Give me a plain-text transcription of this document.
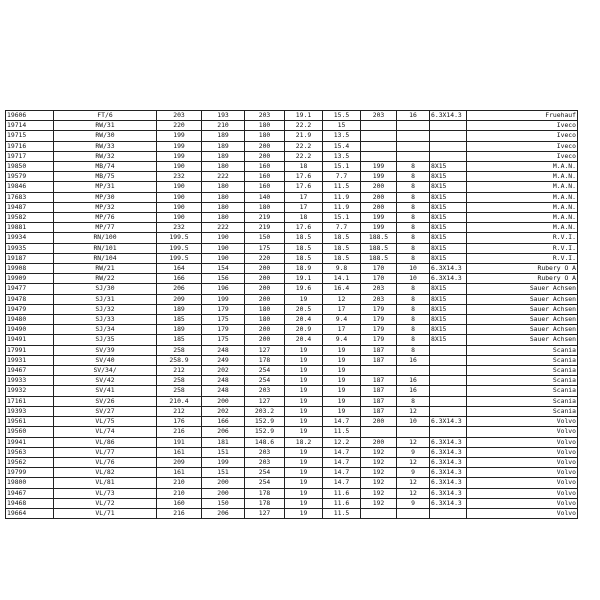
19606	FT/6	203	193	203	19.1	15.5	203	16	6.3X14.3	Fruehauf
19714	RW/31	220	210	180	22.2	15				Iveco
19715	RW/30	199	189	180	21.9	13.5				Iveco
19716	RW/33	199	189	200	22.2	15.4				Iveco
19717	RW/32	199	189	200	22.2	13.5				Iveco
19850	MB/74	190	180	160	18	15.1	199	8	8X15	M.A.N.
19579	MB/75	232	222	160	17.6	7.7	199	8	8X15	M.A.N.
19846	MP/31	190	180	160	17.6	11.5	200	8	8X15	M.A.N.
17683	MP/30	190	180	140	17	11.9	200	8	8X15	M.A.N.
19487	MP/32	190	180	180	17	11.9	200	8	8X15	M.A.N.
19582	MP/76	190	180	219	18	15.1	199	8	8X15	M.A.N.
19881	MP/77	232	222	219	17.6	7.7	199	8	8X15	M.A.N.
19934	RN/100	199.5	190	150	18.5	18.5	188.5	8	8X15	R.V.I.
19935	RN/101	199.5	190	175	18.5	18.5	188.5	8	8X15	R.V.I.
19187	RN/104	199.5	190	220	18.5	18.5	188.5	8	8X15	R.V.I.
19908	RW/21	164	154	200	18.9	9.8	170	10	6.3X14.3	Rubery O A
19909	RW/22	166	156	200	19.1	14.1	170	10	6.3X14.3	Rubery O A
19477	SJ/30	206	196	200	19.6	16.4	203	8	8X15	Sauer Achsen
19478	SJ/31	209	199	200	19	12	203	8	8X15	Sauer Achsen
19479	SJ/32	189	179	180	20.5	17	179	8	8X15	Sauer Achsen
19480	SJ/33	185	175	180	20.4	9.4	179	8	8X15	Sauer Achsen
19490	SJ/34	189	179	200	20.9	17	179	8	8X15	Sauer Achsen
19491	SJ/35	185	175	200	20.4	9.4	179	8	8X15	Sauer Achsen
17991	SV/39	258	248	127	19	19	187	8		Scania
19931	SV/40	258.9	249	178	19	19	187	16		Scania
19467	SV/34/	212	202	254	19	19				Scania
19933	SV/42	258	248	254	19	19	187	16		Scania
19932	SV/41	258	248	203	19	19	187	16		Scania
17161	SV/26	210.4	200	127	19	19	187	8		Scania
19393	SV/27	212	202	203.2	19	19	187	12		Scania
19561	VL/75	176	166	152.9	19	14.7	200	10	6.3X14.3	Volvo
19560	VL/74	216	206	152.9	19	11.5				Volvo
19941	VL/86	191	181	148.6	18.2	12.2	200	12	6.3X14.3	Volvo
19563	VL/77	161	151	203	19	14.7	192	9	6.3X14.3	Volvo
19562	VL/76	209	199	203	19	14.7	192	12	6.3X14.3	Volvo
19799	VL/82	161	151	254	19	14.7	192	9	6.3X14.3	Volvo
19800	VL/81	210	200	254	19	14.7	192	12	6.3X14.3	Volvo
19467	VL/73	210	200	178	19	11.6	192	12	6.3X14.3	Volvo
19468	VL/72	160	150	178	19	11.6	192	9	6.3X14.3	Volvo
19664	VL/71	216	206	127	19	11.5				Volvo
